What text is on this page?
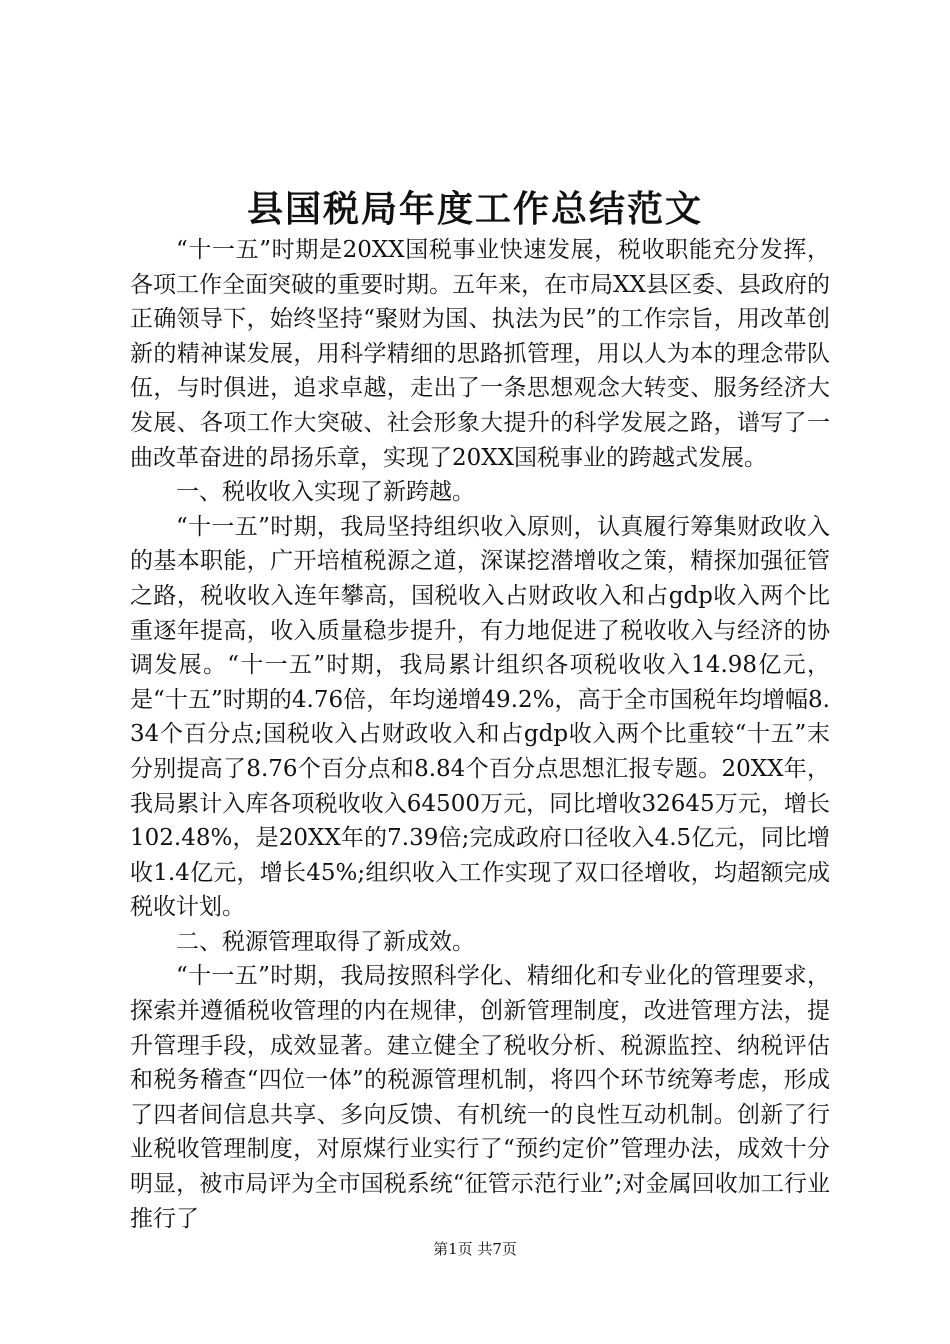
县国税局年度工作总结范文

“十一五”时期是20XX国税事业快速发展，税收职能充分发挥，各项工作全面突破的重要时期。五年来，在市局XX县区委、县政府的正确领导下，始终坚持“聚财为国、执法为民”的工作宗旨，用改革创新的精神谋发展，用科学精细的思路抓管理，用以人为本的理念带队伍，与时俱进，追求卓越，走出了一条思想观念大转变、服务经济大发展、各项工作大突破、社会形象大提升的科学发展之路，谱写了一曲改革奋进的昂扬乐章，实现了20XX国税事业的跨越式发展。

一、税收收入实现了新跨越。

“十一五”时期，我局坚持组织收入原则，认真履行筹集财政收入的基本职能，广开培植税源之道，深谋挖潜增收之策，精探加强征管之路，税收收入连年攀高，国税收入占财政收入和占gdp收入两个比重逐年提高，收入质量稳步提升，有力地促进了税收收入与经济的协调发展。“十一五”时期，我局累计组织各项税收收入14.98亿元，是“十五”时期的4.76倍，年均递增49.2%，高于全市国税年均增幅8.34个百分点;国税收入占财政收入和占gdp收入两个比重较“十五”末分别提高了8.76个百分点和8.84个百分点思想汇报专题。20XX年，我局累计入库各项税收收入64500万元，同比增收32645万元，增长102.48%，是20XX年的7.39倍;完成政府口径收入4.5亿元，同比增收1.4亿元，增长45%;组织收入工作实现了双口径增收，均超额完成税收计划。

二、税源管理取得了新成效。

“十一五”时期，我局按照科学化、精细化和专业化的管理要求，探索并遵循税收管理的内在规律，创新管理制度，改进管理方法，提升管理手段，成效显著。建立健全了税收分析、税源监控、纳税评估和税务稽查“四位一体”的税源管理机制，将四个环节统筹考虑，形成了四者间信息共享、多向反馈、有机统一的良性互动机制。创新了行业税收管理制度，对原煤行业实行了“预约定价”管理办法，成效十分明显，被市局评为全市国税系统“征管示范行业”;对金属回收加工行业推行了

第1页 共7页
